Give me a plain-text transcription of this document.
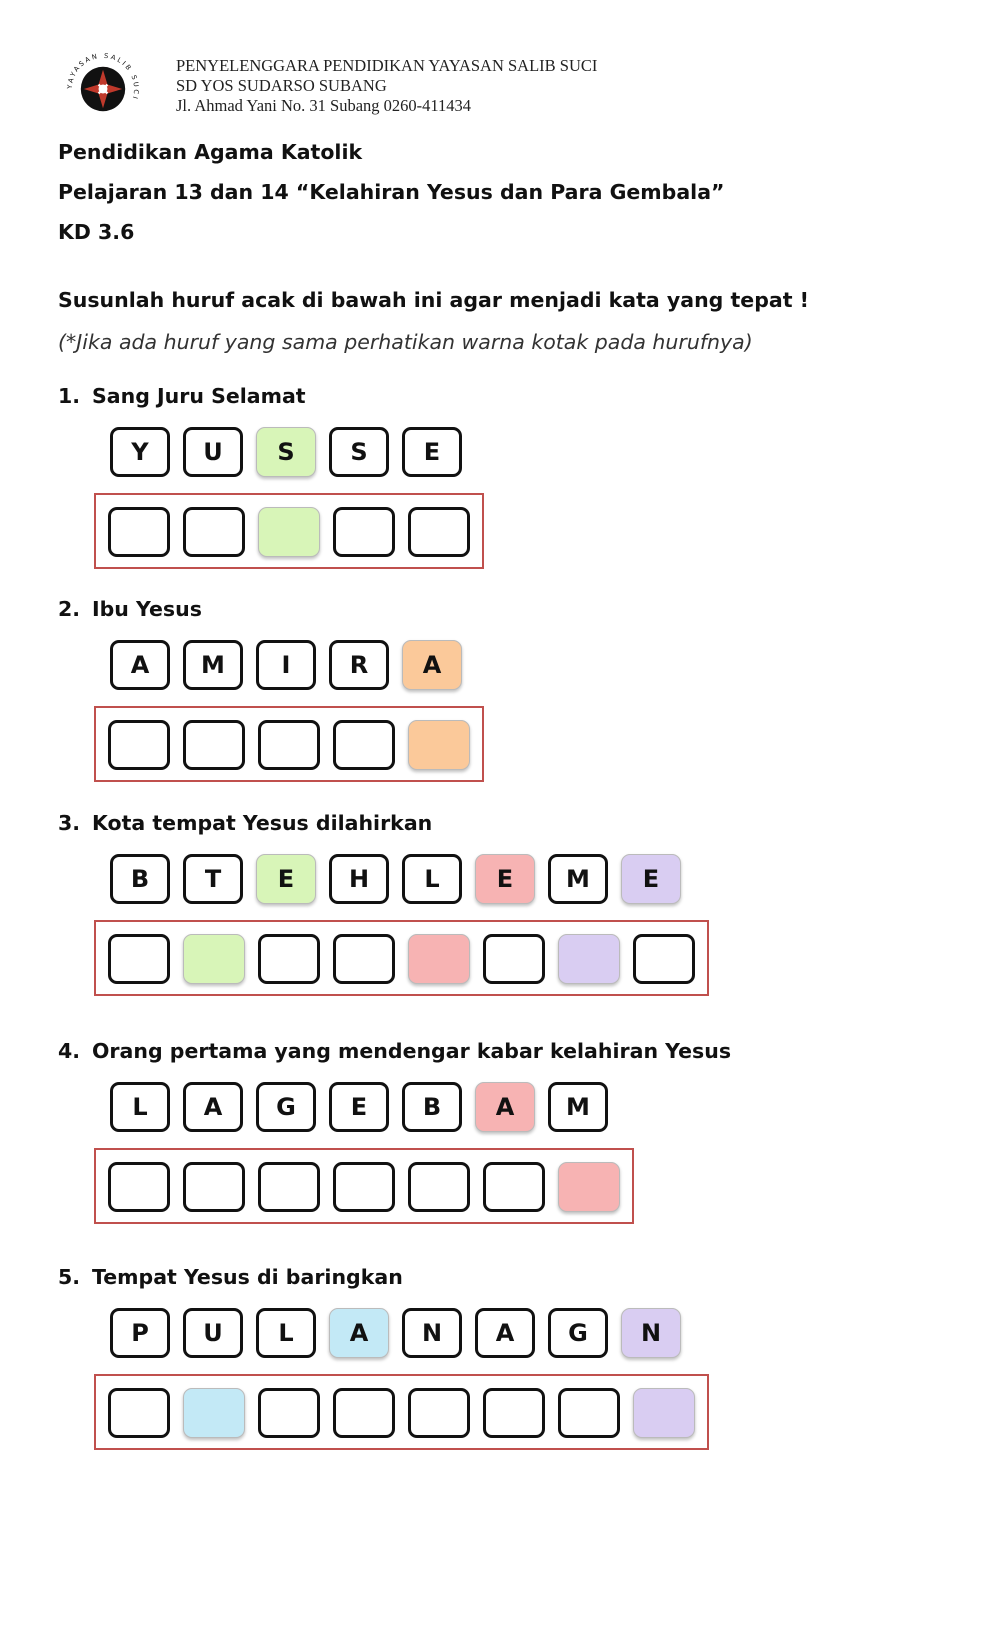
YAYASAN SALIB SUCI
PENYELENGGARA PENDIDIKAN YAYASAN SALIB SUCI
SD YOS SUDARSO SUBANG
Jl. Ahmad Yani No. 31 Subang 0260-411434
Pendidikan Agama Katolik
Pelajaran 13 dan 14 “Kelahiran Yesus dan Para Gembala”
KD 3.6
Susunlah huruf acak di bawah ini agar menjadi kata yang tepat !
(*Jika ada huruf yang sama perhatikan warna kotak pada hurufnya)
1. Sang Juru Selamat
Y	U	S	S	E
2. Ibu Yesus
A	M	I	R	A
3. Kota tempat Yesus dilahirkan
B	T	E	H	L	E	M	E
4. Orang pertama yang mendengar kabar kelahiran Yesus
L	A	G	E	B	A	M
5. Tempat Yesus di baringkan
P	U	L	A	N	A	G	N
